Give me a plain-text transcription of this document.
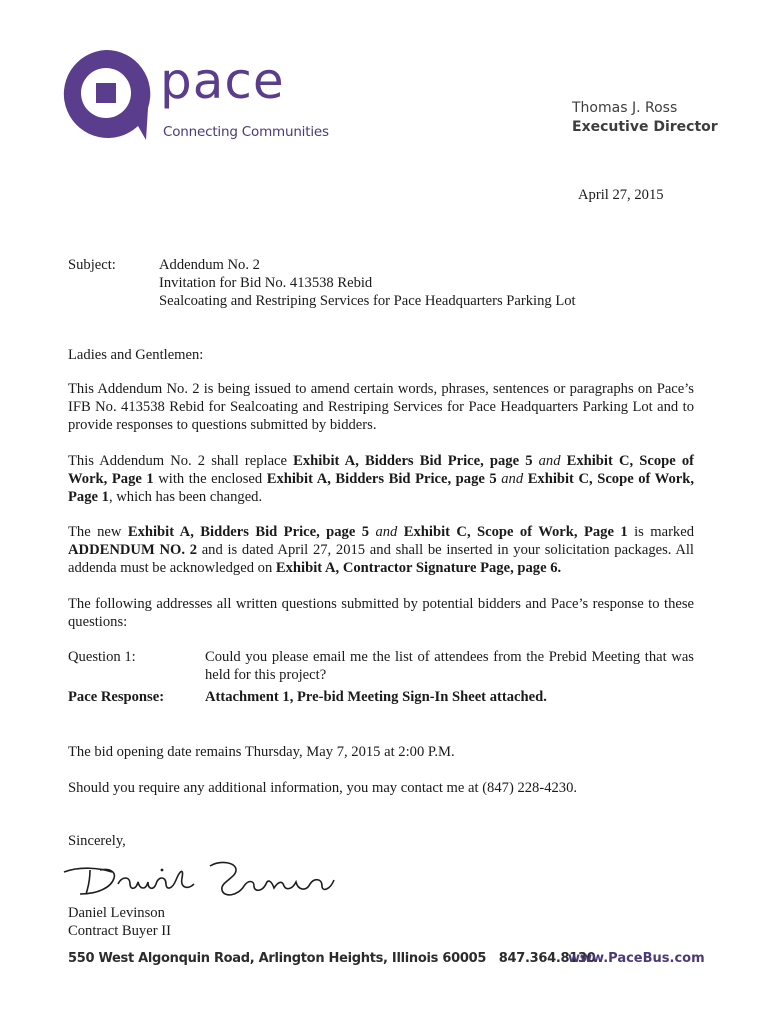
pace
Connecting Communities
Thomas J. Ross
Executive Director
April 27, 2015
Subject:	Addendum No. 2
Invitation for Bid No. 413538 Rebid
Sealcoating and Restriping Services for Pace Headquarters Parking Lot
Ladies and Gentlemen:
This Addendum No. 2 is being issued to amend certain words, phrases, sentences or paragraphs on Pace’s IFB No. 413538 Rebid for Sealcoating and Restriping Services for Pace Headquarters Parking Lot and to provide responses to questions submitted by bidders.
This Addendum No. 2 shall replace Exhibit A, Bidders Bid Price, page 5 and Exhibit C, Scope of Work, Page 1 with the enclosed Exhibit A, Bidders Bid Price, page 5 and Exhibit C, Scope of Work, Page 1, which has been changed.
The new Exhibit A, Bidders Bid Price, page 5 and Exhibit C, Scope of Work, Page 1 is marked ADDENDUM NO. 2 and is dated April 27, 2015 and shall be inserted in your solicitation packages. All addenda must be acknowledged on Exhibit A, Contractor Signature Page, page 6.
The following addresses all written questions submitted by potential bidders and Pace’s response to these questions:
Question 1:	Could you please email me the list of attendees from the Prebid Meeting that was held for this project?
Pace Response:	Attachment 1, Pre-bid Meeting Sign-In Sheet attached.
The bid opening date remains Thursday, May 7, 2015 at 2:00 P.M.
Should you require any additional information, you may contact me at (847) 228-4230.
Sincerely,
Daniel Levinson
Contract Buyer II
550 West Algonquin Road, Arlington Heights, Illinois 60005 847.364.8130
www.PaceBus.com
